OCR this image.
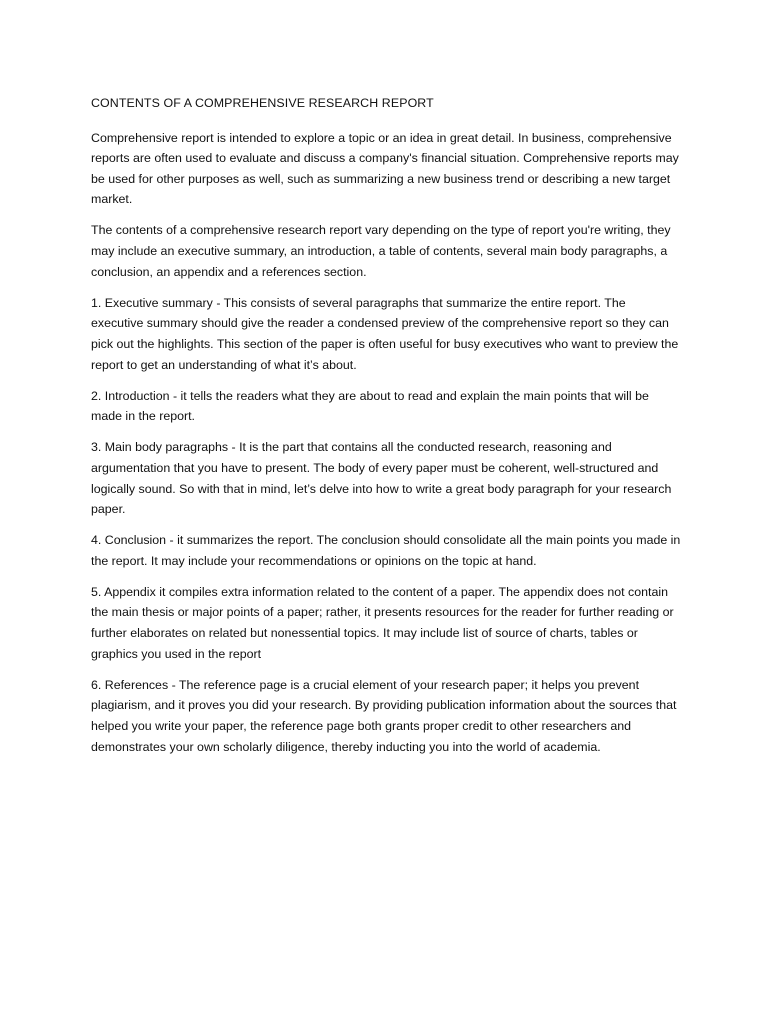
CONTENTS OF A COMPREHENSIVE RESEARCH REPORT

Comprehensive report is intended to explore a topic or an idea in great detail. In business, comprehensive reports are often used to evaluate and discuss a company's financial situation. Comprehensive reports may be used for other purposes as well, such as summarizing a new business trend or describing a new target market.

The contents of a comprehensive research report vary depending on the type of report you're writing, they may include an executive summary, an introduction, a table of contents, several main body paragraphs, a conclusion, an appendix and a references section.

1. Executive summary - This consists of several paragraphs that summarize the entire report. The executive summary should give the reader a condensed preview of the comprehensive report so they can pick out the highlights. This section of the paper is often useful for busy executives who want to preview the report to get an understanding of what it’s about.

2. Introduction - it tells the readers what they are about to read and explain the main points that will be made in the report.

3. Main body paragraphs - It is the part that contains all the conducted research, reasoning and argumentation that you have to present. The body of every paper must be coherent, well-structured and logically sound. So with that in mind, let’s delve into how to write a great body paragraph for your research paper.

4. Conclusion - it summarizes the report. The conclusion should consolidate all the main points you made in the report. It may include your recommendations or opinions on the topic at hand.

5. Appendix it compiles extra information related to the content of a paper. The appendix does not contain the main thesis or major points of a paper; rather, it presents resources for the reader for further reading or further elaborates on related but nonessential topics. It may include list of source of charts, tables or graphics you used in the report

6. References - The reference page is a crucial element of your research paper; it helps you prevent plagiarism, and it proves you did your research. By providing publication information about the sources that helped you write your paper, the reference page both grants proper credit to other researchers and demonstrates your own scholarly diligence, thereby inducting you into the world of academia.
